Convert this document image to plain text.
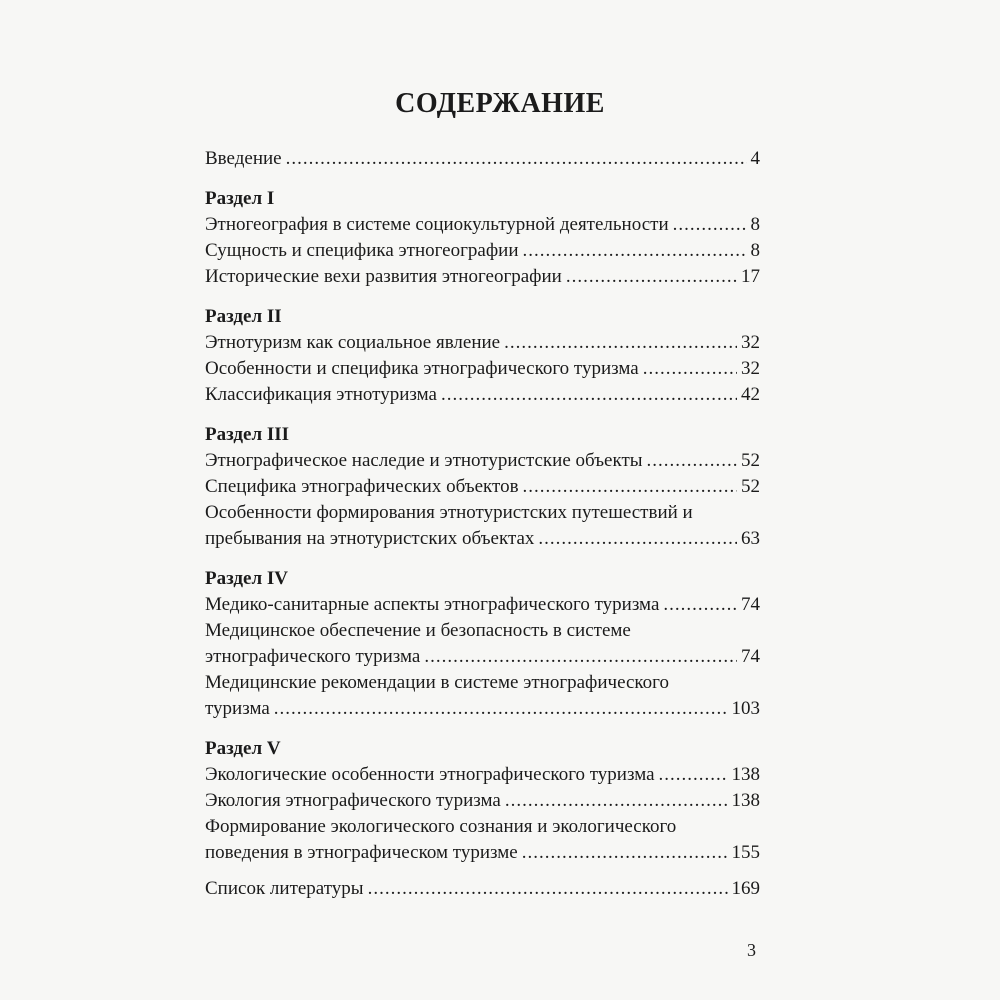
СОДЕРЖАНИЕ
Введение .....	4
Раздел I
Этногеография в системе социокультурной деятельности .....	8
Сущность и специфика этногеографии .....	8
Исторические вехи развития этногеографии .....	17
Раздел II
Этнотуризм как социальное явление .....	32
Особенности и специфика этнографического туризма .....	32
Классификация этнотуризма .....	42
Раздел III
Этнографическое наследие и этнотуристские объекты .....	52
Специфика этнографических объектов .....	52
Особенности формирования этнотуристских путешествий и
пребывания на этнотуристских объектах .....	63
Раздел IV
Медико-санитарные аспекты этнографического туризма .....	74
Медицинское обеспечение и безопасность в системе
этнографического туризма .....	74
Медицинские рекомендации в системе этнографического
туризма .....	103
Раздел V
Экологические особенности этнографического туризма .....	138
Экология этнографического туризма .....	138
Формирование экологического сознания и экологического
поведения в этнографическом туризме .....	155
Список литературы .....	169
3
